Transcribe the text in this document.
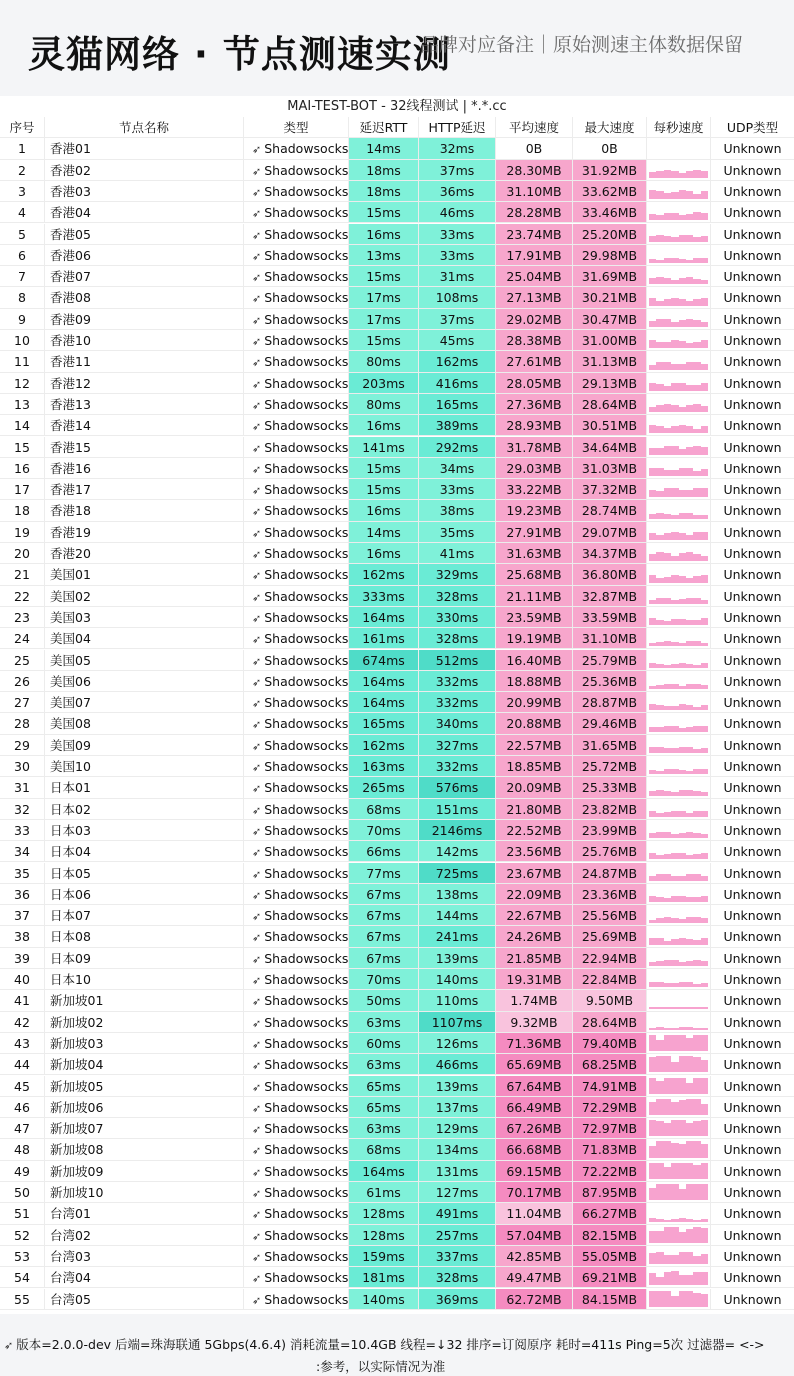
灵猫网络 · 节点测速实测
品牌对应备注｜原始测速主体数据保留
MAI-TEST-BOT - 32线程测试 | *.*.cc
序号	节点名称	类型	延迟RTT	HTTP延迟	平均速度	最大速度	每秒速度	UDP类型
1	香港01	➶ Shadowsocks	14ms	32ms	0B	0B	Unknown
2	香港02	➶ Shadowsocks	18ms	37ms	28.30MB	31.92MB	Unknown
3	香港03	➶ Shadowsocks	18ms	36ms	31.10MB	33.62MB	Unknown
4	香港04	➶ Shadowsocks	15ms	46ms	28.28MB	33.46MB	Unknown
5	香港05	➶ Shadowsocks	16ms	33ms	23.74MB	25.20MB	Unknown
6	香港06	➶ Shadowsocks	13ms	33ms	17.91MB	29.98MB	Unknown
7	香港07	➶ Shadowsocks	15ms	31ms	25.04MB	31.69MB	Unknown
8	香港08	➶ Shadowsocks	17ms	108ms	27.13MB	30.21MB	Unknown
9	香港09	➶ Shadowsocks	17ms	37ms	29.02MB	30.47MB	Unknown
10	香港10	➶ Shadowsocks	15ms	45ms	28.38MB	31.00MB	Unknown
11	香港11	➶ Shadowsocks	80ms	162ms	27.61MB	31.13MB	Unknown
12	香港12	➶ Shadowsocks	203ms	416ms	28.05MB	29.13MB	Unknown
13	香港13	➶ Shadowsocks	80ms	165ms	27.36MB	28.64MB	Unknown
14	香港14	➶ Shadowsocks	16ms	389ms	28.93MB	30.51MB	Unknown
15	香港15	➶ Shadowsocks	141ms	292ms	31.78MB	34.64MB	Unknown
16	香港16	➶ Shadowsocks	15ms	34ms	29.03MB	31.03MB	Unknown
17	香港17	➶ Shadowsocks	15ms	33ms	33.22MB	37.32MB	Unknown
18	香港18	➶ Shadowsocks	16ms	38ms	19.23MB	28.74MB	Unknown
19	香港19	➶ Shadowsocks	14ms	35ms	27.91MB	29.07MB	Unknown
20	香港20	➶ Shadowsocks	16ms	41ms	31.63MB	34.37MB	Unknown
21	美国01	➶ Shadowsocks	162ms	329ms	25.68MB	36.80MB	Unknown
22	美国02	➶ Shadowsocks	333ms	328ms	21.11MB	32.87MB	Unknown
23	美国03	➶ Shadowsocks	164ms	330ms	23.59MB	33.59MB	Unknown
24	美国04	➶ Shadowsocks	161ms	328ms	19.19MB	31.10MB	Unknown
25	美国05	➶ Shadowsocks	674ms	512ms	16.40MB	25.79MB	Unknown
26	美国06	➶ Shadowsocks	164ms	332ms	18.88MB	25.36MB	Unknown
27	美国07	➶ Shadowsocks	164ms	332ms	20.99MB	28.87MB	Unknown
28	美国08	➶ Shadowsocks	165ms	340ms	20.88MB	29.46MB	Unknown
29	美国09	➶ Shadowsocks	162ms	327ms	22.57MB	31.65MB	Unknown
30	美国10	➶ Shadowsocks	163ms	332ms	18.85MB	25.72MB	Unknown
31	日本01	➶ Shadowsocks	265ms	576ms	20.09MB	25.33MB	Unknown
32	日本02	➶ Shadowsocks	68ms	151ms	21.80MB	23.82MB	Unknown
33	日本03	➶ Shadowsocks	70ms	2146ms	22.52MB	23.99MB	Unknown
34	日本04	➶ Shadowsocks	66ms	142ms	23.56MB	25.76MB	Unknown
35	日本05	➶ Shadowsocks	77ms	725ms	23.67MB	24.87MB	Unknown
36	日本06	➶ Shadowsocks	67ms	138ms	22.09MB	23.36MB	Unknown
37	日本07	➶ Shadowsocks	67ms	144ms	22.67MB	25.56MB	Unknown
38	日本08	➶ Shadowsocks	67ms	241ms	24.26MB	25.69MB	Unknown
39	日本09	➶ Shadowsocks	67ms	139ms	21.85MB	22.94MB	Unknown
40	日本10	➶ Shadowsocks	70ms	140ms	19.31MB	22.84MB	Unknown
41	新加坡01	➶ Shadowsocks	50ms	110ms	1.74MB	9.50MB	Unknown
42	新加坡02	➶ Shadowsocks	63ms	1107ms	9.32MB	28.64MB	Unknown
43	新加坡03	➶ Shadowsocks	60ms	126ms	71.36MB	79.40MB	Unknown
44	新加坡04	➶ Shadowsocks	63ms	466ms	65.69MB	68.25MB	Unknown
45	新加坡05	➶ Shadowsocks	65ms	139ms	67.64MB	74.91MB	Unknown
46	新加坡06	➶ Shadowsocks	65ms	137ms	66.49MB	72.29MB	Unknown
47	新加坡07	➶ Shadowsocks	63ms	129ms	67.26MB	72.97MB	Unknown
48	新加坡08	➶ Shadowsocks	68ms	134ms	66.68MB	71.83MB	Unknown
49	新加坡09	➶ Shadowsocks	164ms	131ms	69.15MB	72.22MB	Unknown
50	新加坡10	➶ Shadowsocks	61ms	127ms	70.17MB	87.95MB	Unknown
51	台湾01	➶ Shadowsocks	128ms	491ms	11.04MB	66.27MB	Unknown
52	台湾02	➶ Shadowsocks	128ms	257ms	57.04MB	82.15MB	Unknown
53	台湾03	➶ Shadowsocks	159ms	337ms	42.85MB	55.05MB	Unknown
54	台湾04	➶ Shadowsocks	181ms	328ms	49.47MB	69.21MB	Unknown
55	台湾05	➶ Shadowsocks	140ms	369ms	62.72MB	84.15MB	Unknown
➶ 版本=2.0.0-dev 后端=珠海联通 5Gbps(4.6.4) 消耗流量=10.4GB 线程=↓32 排序=订阅原序 耗时=411s Ping=5次 过滤器= <->
:参考，以实际情况为准
